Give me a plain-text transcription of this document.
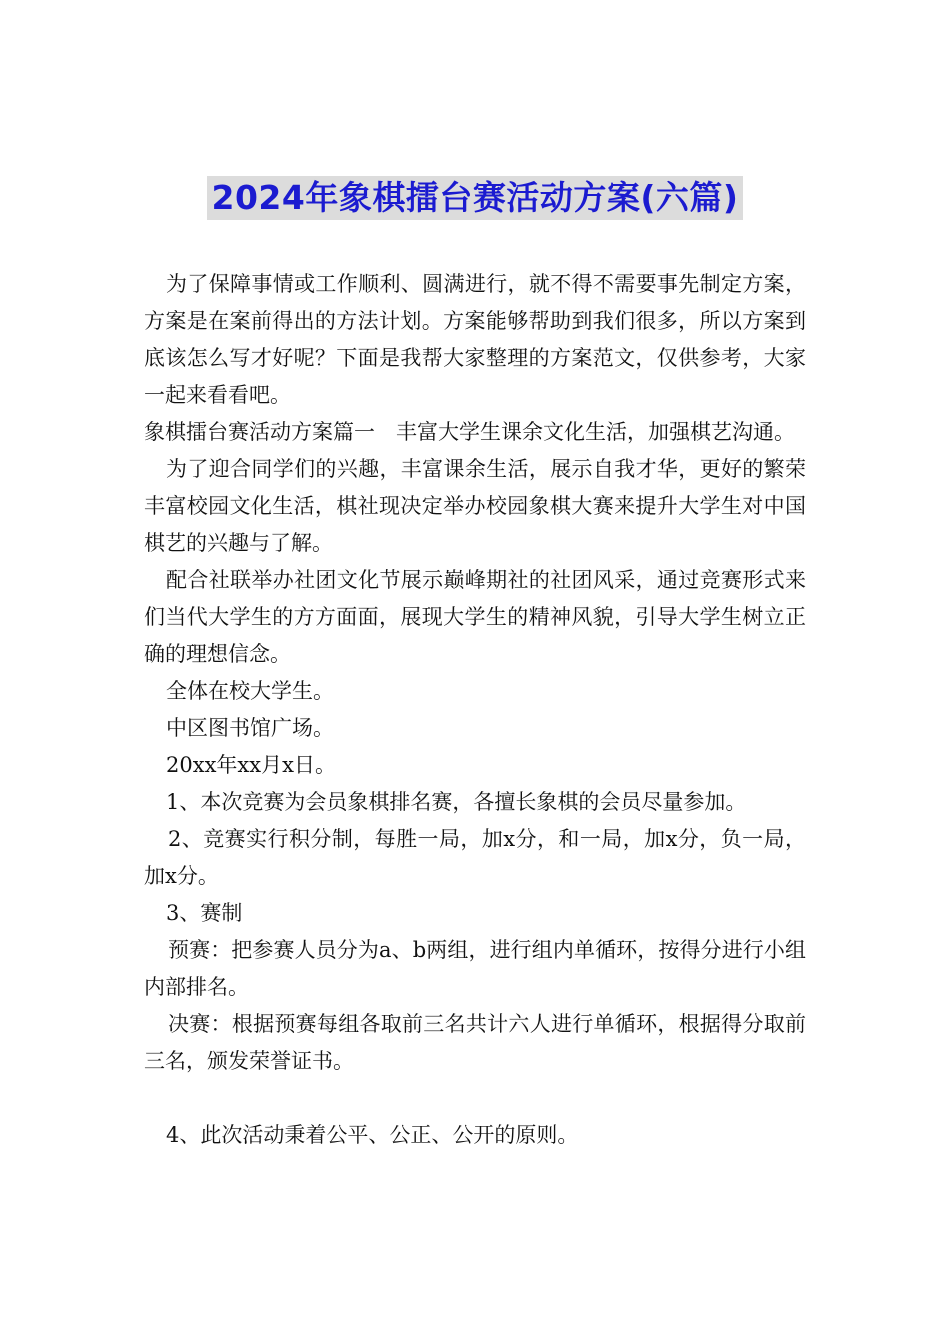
2024年象棋擂台赛活动方案(六篇)

为了保障事情或工作顺利、圆满进行，就不得不需要事先制定方案，方案是在案前得出的方法计划。方案能够帮助到我们很多，所以方案到底该怎么写才好呢？下面是我帮大家整理的方案范文，仅供参考，大家一起来看看吧。

象棋擂台赛活动方案篇一　丰富大学生课余文化生活，加强棋艺沟通。

为了迎合同学们的兴趣，丰富课余生活，展示自我才华，更好的繁荣丰富校园文化生活，棋社现决定举办校园象棋大赛来提升大学生对中国棋艺的兴趣与了解。

配合社联举办社团文化节展示巅峰期社的社团风采，通过竞赛形式来们当代大学生的方方面面，展现大学生的精神风貌，引导大学生树立正确的理想信念。

全体在校大学生。

中区图书馆广场。

20xx年xx月x日。

1、本次竞赛为会员象棋排名赛，各擅长象棋的会员尽量参加。

2、竞赛实行积分制，每胜一局，加x分，和一局，加x分，负一局，加x分。

3、赛制

预赛：把参赛人员分为a、b两组，进行组内单循环，按得分进行小组内部排名。

决赛：根据预赛每组各取前三名共计六人进行单循环，根据得分取前三名，颁发荣誉证书。

4、此次活动秉着公平、公正、公开的原则。
